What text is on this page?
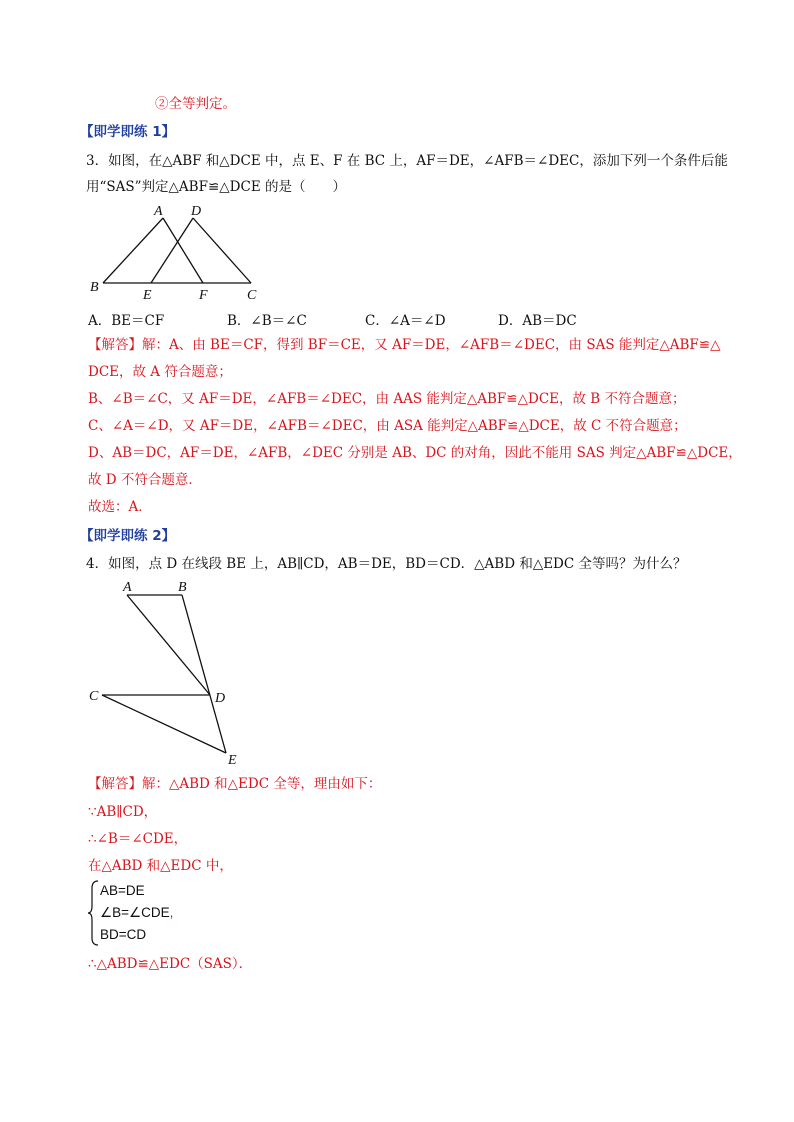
②全等判定。
【即学即练 1】
3．如图，在△ABF 和△DCE 中，点 E、F 在 BC 上，AF＝DE，∠AFB＝∠DEC，添加下列一个条件后能
用“SAS”判定△ABF≌△DCE 的是（　　）
A D
B
E	F	C
A．BE＝CF	B．∠B＝∠C	C．∠A＝∠D	D．AB＝DC
【解答】解：A、由 BE＝CF，得到 BF＝CE，又 AF＝DE，∠AFB＝∠DEC，由 SAS 能判定△ABF≌△
DCE，故 A 符合题意；
B、∠B＝∠C，又 AF＝DE，∠AFB＝∠DEC，由 AAS 能判定△ABF≌△DCE，故 B 不符合题意；
C、∠A＝∠D，又 AF＝DE，∠AFB＝∠DEC，由 ASA 能判定△ABF≌△DCE，故 C 不符合题意；
D、AB＝DC，AF＝DE，∠AFB，∠DEC 分别是 AB、DC 的对角，因此不能用 SAS 判定△ABF≌△DCE，
故 D 不符合题意．
故选：A．
【即学即练 2】
4．如图，点 D 在线段 BE 上，AB∥CD，AB＝DE，BD＝CD．△ABD 和△EDC 全等吗？为什么？
A	B
C	D
E
【解答】解：△ABD 和△EDC 全等，理由如下：
∵AB∥CD，
∴∠B＝∠CDE，
在△ABD 和△EDC 中，
AB=DE
∠B=∠CDE,
BD=CD
∴△ABD≌△EDC（SAS）．
